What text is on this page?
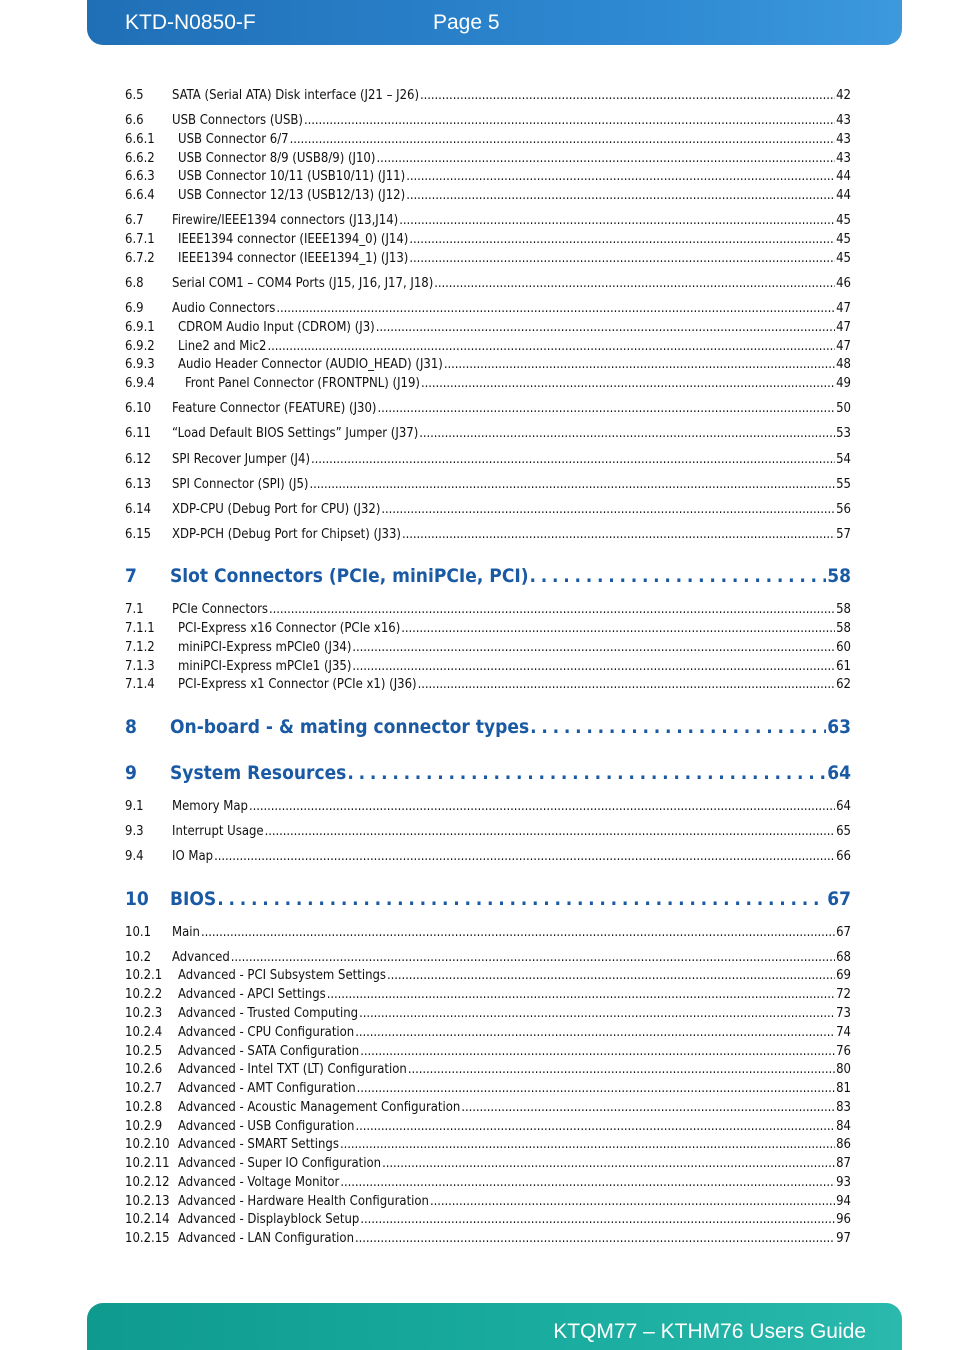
KTD-N0850-F	Page 5
6.5	SATA (Serial ATA) Disk interface (J21 – J26) . . .	42
6.6	USB Connectors (USB) . . .	43
6.6.1	USB Connector 6/7 . . .	43
6.6.2	USB Connector 8/9 (USB8/9) (J10) . . .	43
6.6.3	USB Connector 10/11 (USB10/11) (J11) . . .	44
6.6.4	USB Connector 12/13 (USB12/13) (J12) . . .	44
6.7	Firewire/IEEE1394 connectors (J13,J14) . . .	45
6.7.1	IEEE1394 connector (IEEE1394_0) (J14) . . .	45
6.7.2	IEEE1394 connector (IEEE1394_1) (J13) . . .	45
6.8	Serial COM1 – COM4 Ports (J15, J16, J17, J18) . . .	46
6.9	Audio Connectors . . .	47
6.9.1	CDROM Audio Input (CDROM) (J3) . . .	47
6.9.2	Line2 and Mic2 . . .	47
6.9.3	Audio Header Connector (AUDIO_HEAD) (J31) . . .	48
6.9.4	Front Panel Connector (FRONTPNL) (J19) . . .	49
6.10	Feature Connector (FEATURE) (J30) . . .	50
6.11	“Load Default BIOS Settings” Jumper (J37) . . .	53
6.12	SPI Recover Jumper (J4) . . .	54
6.13	SPI Connector (SPI) (J5) . . .	55
6.14	XDP-CPU (Debug Port for CPU) (J32) . . .	56
6.15	XDP-PCH (Debug Port for Chipset) (J33) . . .	57
7	Slot Connectors (PCIe, miniPCIe, PCI) . . .	58
7.1	PCIe Connectors . . .	58
7.1.1	PCI-Express x16 Connector (PCIe x16) . . .	58
7.1.2	miniPCI-Express mPCIe0 (J34) . . .	60
7.1.3	miniPCI-Express mPCIe1 (J35) . . .	61
7.1.4	PCI-Express x1 Connector (PCIe x1) (J36) . . .	62
8	On-board - & mating connector types . . .	63
9	System Resources . . .	64
9.1	Memory Map . . .	64
9.3	Interrupt Usage . . .	65
9.4	IO Map . . .	66
10	BIOS . . .	67
10.1	Main . . .	67
10.2	Advanced . . .	68
10.2.1	Advanced - PCI Subsystem Settings . . .	69
10.2.2	Advanced - APCI Settings . . .	72
10.2.3	Advanced - Trusted Computing . . .	73
10.2.4	Advanced - CPU Configuration . . .	74
10.2.5	Advanced - SATA Configuration . . .	76
10.2.6	Advanced - Intel TXT (LT) Configuration . . .	80
10.2.7	Advanced - AMT Configuration . . .	81
10.2.8	Advanced - Acoustic Management Configuration . . .	83
10.2.9	Advanced - USB Configuration . . .	84
10.2.10 Advanced - SMART Settings . . .	86
10.2.11 Advanced - Super IO Configuration . . .	87
10.2.12 Advanced - Voltage Monitor . . .	93
10.2.13 Advanced - Hardware Health Configuration . . .	94
10.2.14 Advanced - Displayblock Setup . . .	96
10.2.15 Advanced - LAN Configuration . . .	97
KTQM77 – KTHM76 Users Guide
